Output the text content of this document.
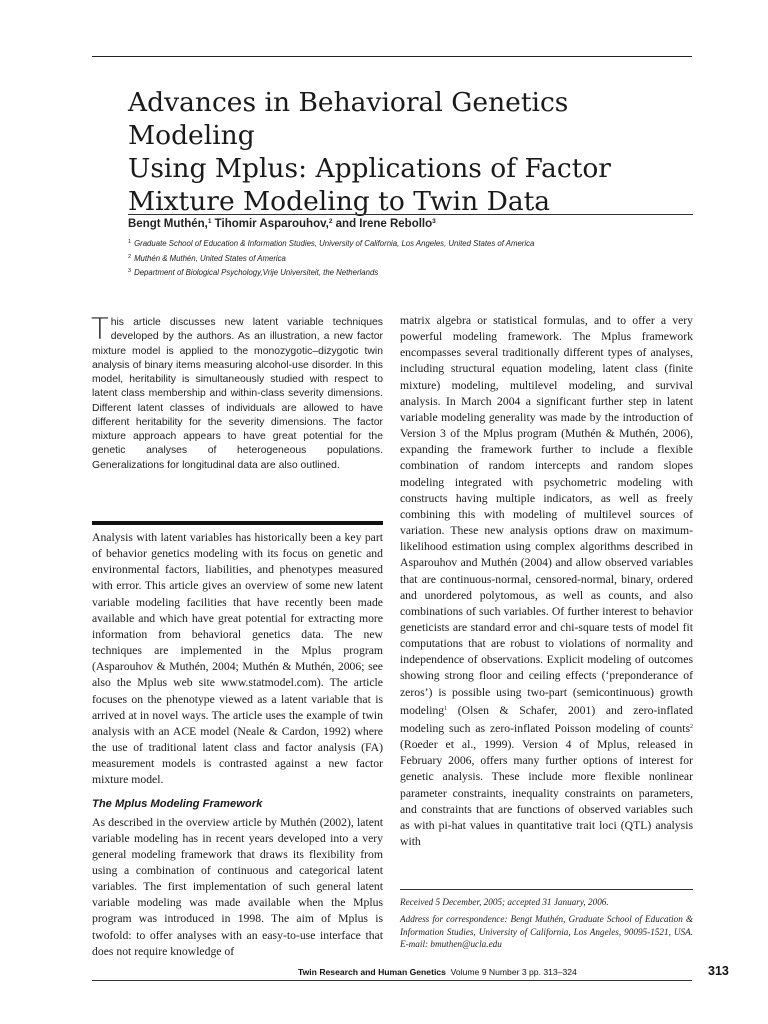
Advances in Behavioral Genetics Modeling
Using Mplus: Applications of Factor
Mixture Modeling to Twin Data
Bengt Muthén,$^1$ Tihomir Asparouhov,$^2$ and Irene Rebollo$^3$
$^1$ Graduate School of Education & Information Studies, University of California, Los Angeles, United States of America
$^2$ Muthén & Muthén, United States of America
$^3$ Department of Biological Psychology,Vrije Universiteit, the Netherlands
This article discusses new latent variable techniques developed by the authors. As an illustration, a new factor mixture model is applied to the monozygotic–dizygotic twin analysis of binary items measuring alcohol-use disorder. In this model, heritability is simultaneously studied with respect to latent class membership and within-class severity dimensions. Different latent classes of individuals are allowed to have different heritability for the severity dimensions. The factor mixture approach appears to have great potential for the genetic analyses of heterogeneous populations. Generalizations for longitudinal data are also outlined.

Analysis with latent variables has historically been a key part of behavior genetics modeling with its focus on genetic and environmental factors, liabilities, and phenotypes measured with error. This article gives an overview of some new latent variable modeling facilities that have recently been made available and which have great potential for extracting more information from behavioral genetics data. The new techniques are implemented in the Mplus program (Asparouhov & Muthén, 2004; Muthén & Muthén, 2006; see also the Mplus web site www.statmodel.com). The article focuses on the phenotype viewed as a latent variable that is arrived at in novel ways. The article uses the example of twin analysis with an ACE model (Neale & Cardon, 1992) where the use of traditional latent class and factor analysis (FA) measurement models is contrasted against a new factor mixture model.

The Mplus Modeling Framework

As described in the overview article by Muthén (2002), latent variable modeling has in recent years developed into a very general modeling framework that draws its flexibility from using a combination of continuous and categorical latent variables. The first implementation of such general latent variable modeling was made available when the Mplus program was introduced in 1998. The aim of Mplus is twofold: to offer analyses with an easy-to-use interface that does not require knowledge of

matrix algebra or statistical formulas, and to offer a very powerful modeling framework. The Mplus framework encompasses several traditionally different types of analyses, including structural equation modeling, latent class (finite mixture) modeling, multilevel modeling, and survival analysis. In March 2004 a significant further step in latent variable modeling generality was made by the introduction of Version 3 of the Mplus program (Muthén & Muthén, 2006), expanding the framework further to include a flexible combination of random intercepts and random slopes modeling integrated with psychometric modeling with constructs having multiple indicators, as well as freely combining this with modeling of multilevel sources of variation. These new analysis options draw on maximum-likelihood estimation using complex algorithms described in Asparouhov and Muthén (2004) and allow observed variables that are continuous-normal, censored-normal, binary, ordered and unordered polytomous, as well as counts, and also combinations of such variables. Of further interest to behavior geneticists are standard error and chi-square tests of model fit computations that are robust to violations of normality and independence of observations. Explicit modeling of outcomes showing strong floor and ceiling effects (‘preponderance of zeros’) is possible using two-part (semicontinuous) growth modeling$^1$ (Olsen & Schafer, 2001) and zero-inflated modeling such as zero-inflated Poisson modeling of counts$^2$ (Roeder et al., 1999). Version 4 of Mplus, released in February 2006, offers many further options of interest for genetic analysis. These include more flexible nonlinear parameter constraints, inequality constraints on parameters, and constraints that are functions of observed variables such as with pi-hat values in quantitative trait loci (QTL) analysis with

Received 5 December, 2005; accepted 31 January, 2006.
Address for correspondence: Bengt Muthén, Graduate School of Education & Information Studies, University of California, Los Angeles, 90095-1521, USA. E-mail: bmuthen@ucla.edu
Twin Research and Human Genetics Volume 9 Number 3 pp. 313–324	313
